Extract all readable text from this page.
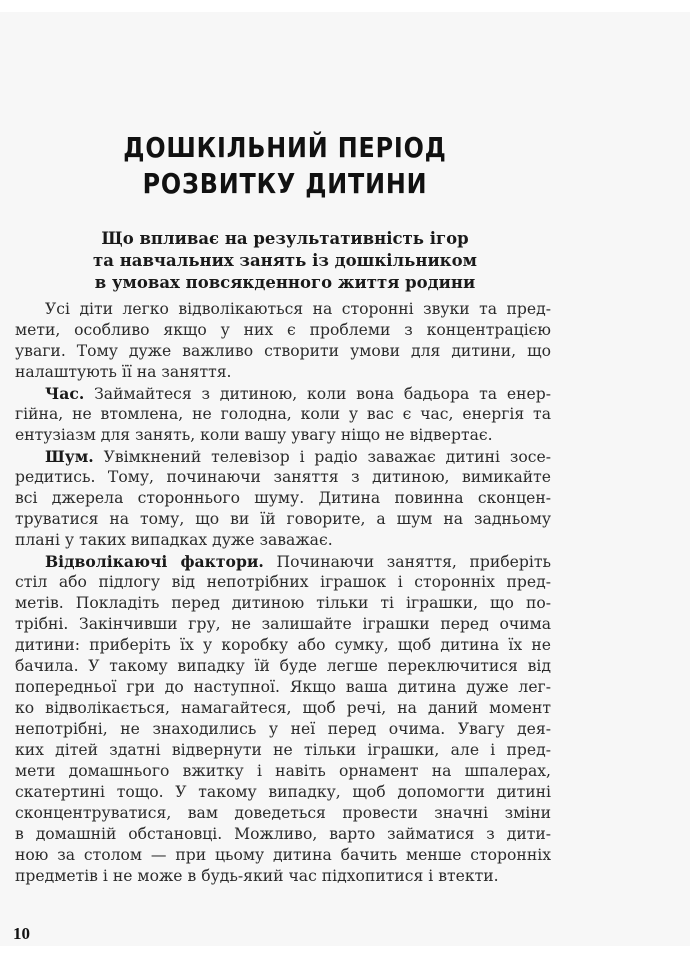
ДОШКІЛЬНИЙ ПЕРІОД
РОЗВИТКУ ДИТИНИ
Що впливає на результативність ігор
та навчальних занять із дошкільником
в умовах повсякденного життя родини
Усі діти легко відволікаються на сторонні звуки та пред-
мети, особливо якщо у них є проблеми з концентрацією
уваги. Тому дуже важливо створити умови для дитини, що
налаштують її на заняття.
Час. Займайтеся з дитиною, коли вона бадьора та енер-
гійна, не втомлена, не голодна, коли у вас є час, енергія та
ентузіазм для занять, коли вашу увагу ніщо не відвертає.
Шум. Увімкнений телевізор і радіо заважає дитині зосе-
редитись. Тому, починаючи заняття з дитиною, вимикайте
всі джерела стороннього шуму. Дитина повинна сконцен-
труватися на тому, що ви їй говорите, а шум на задньому
плані у таких випадках дуже заважає.
Відволікаючі фактори. Починаючи заняття, приберіть
стіл або підлогу від непотрібних іграшок і сторонніх пред-
метів. Покладіть перед дитиною тільки ті іграшки, що по-
трібні. Закінчивши гру, не залишайте іграшки перед очима
дитини: приберіть їх у коробку або сумку, щоб дитина їх не
бачила. У такому випадку їй буде легше переключитися від
попередньої гри до наступної. Якщо ваша дитина дуже лег-
ко відволікається, намагайтеся, щоб речі, на даний момент
непотрібні, не знаходились у неї перед очима. Увагу дея-
ких дітей здатні відвернути не тільки іграшки, але і пред-
мети домашнього вжитку і навіть орнамент на шпалерах,
скатертині тощо. У такому випадку, щоб допомогти дитині
сконцентруватися, вам доведеться провести значні зміни
в домашній обстановці. Можливо, варто займатися з дити-
ною за столом — при цьому дитина бачить менше сторонніх
предметів і не може в будь-який час підхопитися і втекти.
10
